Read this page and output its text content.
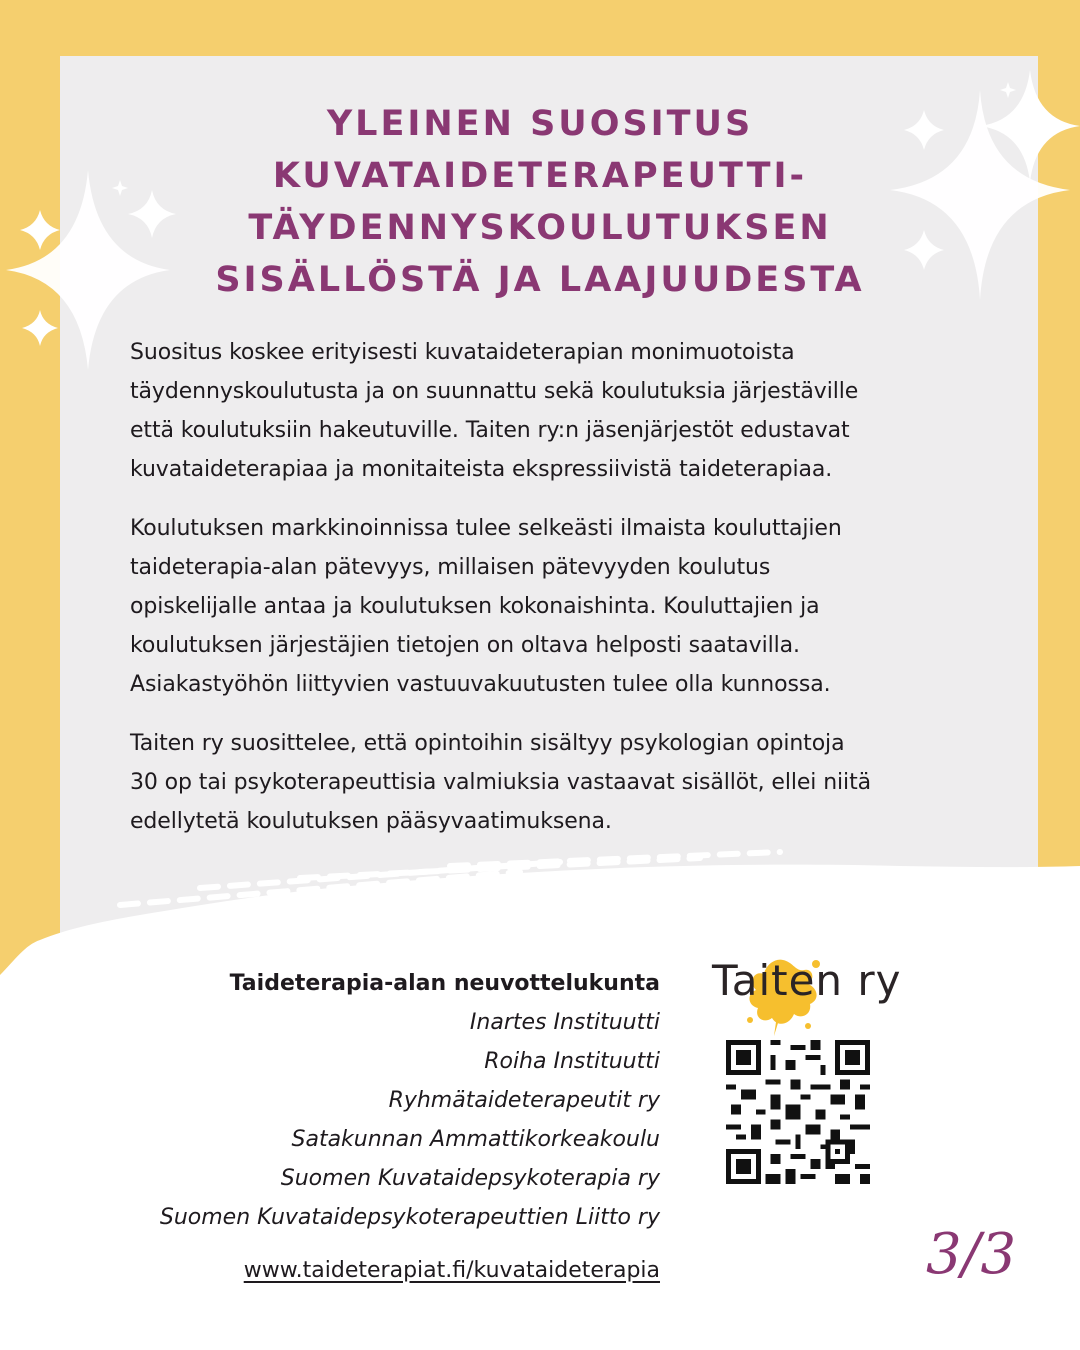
YLEINEN SUOSITUS
KUVATAIDETERAPEUTTI-
TÄYDENNYSKOULUTUKSEN
SISÄLLÖSTÄ JA LAAJUUDESTA

Suositus koskee erityisesti kuvataideterapian monimuotoista
täydennyskoulutusta ja on suunnattu sekä koulutuksia järjestäville
että koulutuksiin hakeutuville. Taiten ry:n jäsenjärjestöt edustavat
kuvataideterapiaa ja monitaiteista ekspressiivistä taideterapiaa.

Koulutuksen markkinoinnissa tulee selkeästi ilmaista kouluttajien
taideterapia-alan pätevyys, millaisen pätevyyden koulutus
opiskelijalle antaa ja koulutuksen kokonaishinta. Kouluttajien ja
koulutuksen järjestäjien tietojen on oltava helposti saatavilla.
Asiakastyöhön liittyvien vastuuvakuutusten tulee olla kunnossa.

Taiten ry suosittelee, että opintoihin sisältyy psykologian opintoja
30 op tai psykoterapeuttisia valmiuksia vastaavat sisällöt, ellei niitä
edellytetä koulutuksen pääsyvaatimuksena.

Taideterapia-alan neuvottelukunta
Inartes Instituutti
Roiha Instituutti
Ryhmätaideterapeutit ry
Satakunnan Ammattikorkeakoulu
Suomen Kuvataidepsykoterapia ry
Suomen Kuvataidepsykoterapeuttien Liitto ry
www.taideterapiat.fi/kuvataideterapia
Taiten ry
3/3
